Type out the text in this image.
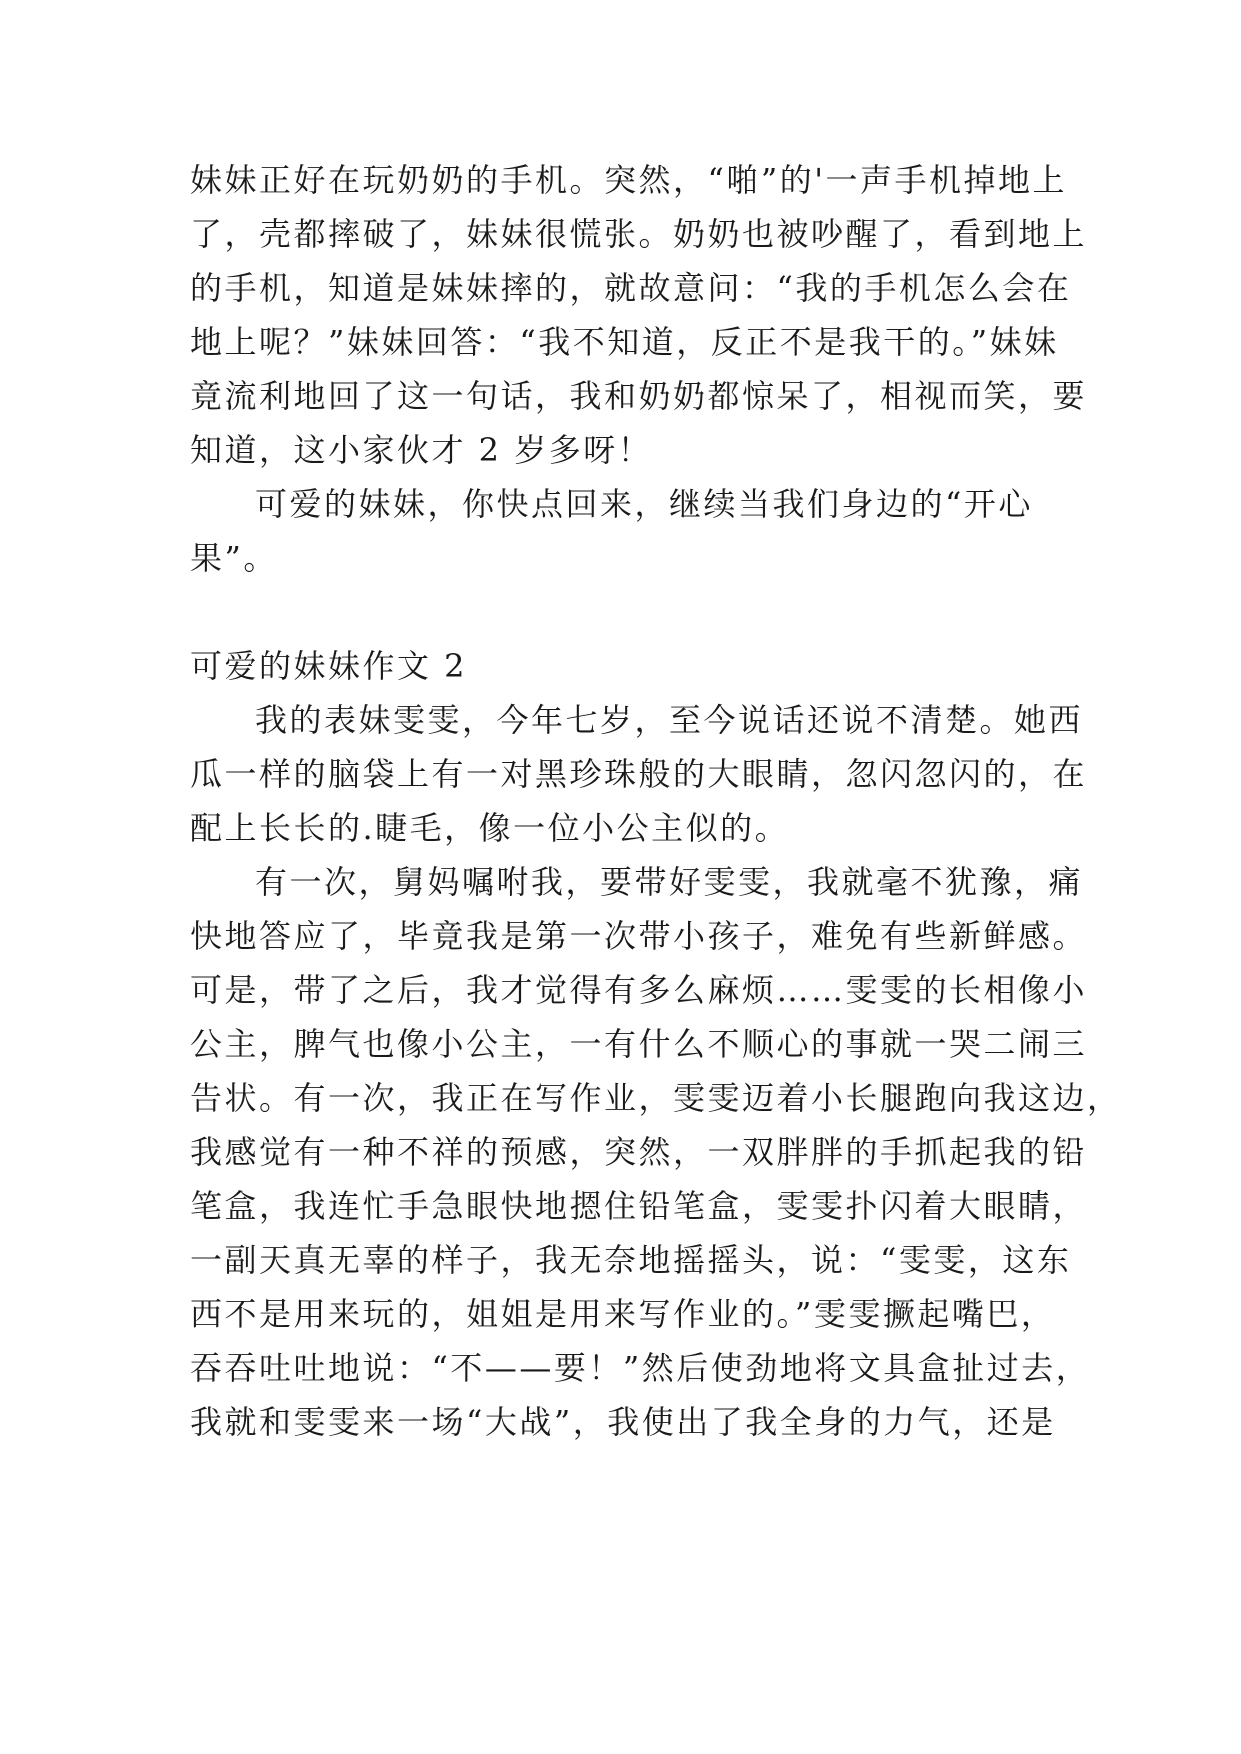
妹妹正好在玩奶奶的手机。突然，“啪”的'一声手机掉地上

了，壳都摔破了，妹妹很慌张。奶奶也被吵醒了，看到地上

的手机，知道是妹妹摔的，就故意问：“我的手机怎么会在

地上呢？”妹妹回答：“我不知道，反正不是我干的。”妹妹

竟流利地回了这一句话，我和奶奶都惊呆了，相视而笑，要

知道，这小家伙才 2 岁多呀！

可爱的妹妹，你快点回来，继续当我们身边的“开心

果”。

可爱的妹妹作文 2

我的表妹雯雯，今年七岁，至今说话还说不清楚。她西

瓜一样的脑袋上有一对黑珍珠般的大眼睛，忽闪忽闪的，在

配上长长的.睫毛，像一位小公主似的。

有一次，舅妈嘱咐我，要带好雯雯，我就毫不犹豫，痛

快地答应了，毕竟我是第一次带小孩子，难免有些新鲜感。

可是，带了之后，我才觉得有多么麻烦……雯雯的长相像小

公主，脾气也像小公主，一有什么不顺心的事就一哭二闹三

告状。有一次，我正在写作业，雯雯迈着小长腿跑向我这边，

我感觉有一种不祥的预感，突然，一双胖胖的手抓起我的铅

笔盒，我连忙手急眼快地摁住铅笔盒，雯雯扑闪着大眼睛，

一副天真无辜的样子，我无奈地摇摇头，说：“雯雯，这东

西不是用来玩的，姐姐是用来写作业的。”雯雯撅起嘴巴，

吞吞吐吐地说：“不——要！”然后使劲地将文具盒扯过去，

我就和雯雯来一场“大战”，我使出了我全身的力气，还是
